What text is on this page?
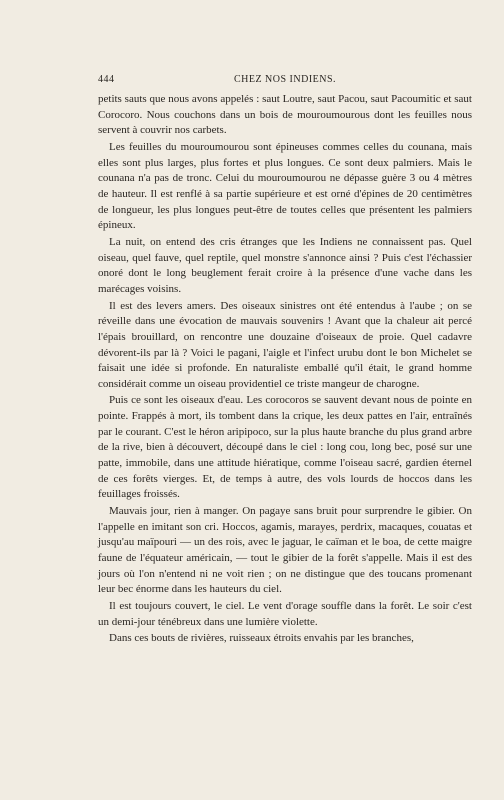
444	CHEZ NOS INDIENS.

petits sauts que nous avons appelés : saut Loutre, saut Pacou, saut Pacoumitic et saut Corocoro. Nous couchons dans un bois de mouroumourous dont les feuilles nous servent à couvrir nos carbets.

Les feuilles du mouroumourou sont épineuses commes celles du counana, mais elles sont plus larges, plus fortes et plus longues. Ce sont deux palmiers. Mais le counana n'a pas de tronc. Celui du mouroumourou ne dépasse guère 3 ou 4 mètres de hauteur. Il est renflé à sa partie supérieure et est orné d'épines de 20 centimètres de longueur, les plus longues peut-être de toutes celles que présentent les palmiers épineux.

La nuit, on entend des cris étranges que les Indiens ne connaissent pas. Quel oiseau, quel fauve, quel reptile, quel monstre s'annonce ainsi ? Puis c'est l'échassier onoré dont le long beuglement ferait croire à la présence d'une vache dans les marécages voisins.

Il est des levers amers. Des oiseaux sinistres ont été entendus à l'aube ; on se réveille dans une évocation de mauvais souvenirs ! Avant que la chaleur ait percé l'épais brouillard, on rencontre une douzaine d'oiseaux de proie. Quel cadavre dévorent-ils par là ? Voici le pagani, l'aigle et l'infect urubu dont le bon Michelet se faisait une idée si profonde. En naturaliste emballé qu'il était, le grand homme considérait comme un oiseau providentiel ce triste mangeur de charogne.

Puis ce sont les oiseaux d'eau. Les corocoros se sauvent devant nous de pointe en pointe. Frappés à mort, ils tombent dans la crique, les deux pattes en l'air, entraînés par le courant. C'est le héron aripipoco, sur la plus haute branche du plus grand arbre de la rive, bien à découvert, découpé dans le ciel : long cou, long bec, posé sur une patte, immobile, dans une attitude hiératique, comme l'oiseau sacré, gardien éternel de ces forêts vierges. Et, de temps à autre, des vols lourds de hoccos dans les feuillages froissés.

Mauvais jour, rien à manger. On pagaye sans bruit pour surprendre le gibier. On l'appelle en imitant son cri. Hoccos, agamis, marayes, perdrix, macaques, couatas et jusqu'au maïpouri — un des rois, avec le jaguar, le caïman et le boa, de cette maigre faune de l'équateur américain, — tout le gibier de la forêt s'appelle. Mais il est des jours où l'on n'entend ni ne voit rien ; on ne distingue que des toucans promenant leur bec énorme dans les hauteurs du ciel.

Il est toujours couvert, le ciel. Le vent d'orage souffle dans la forêt. Le soir c'est un demi-jour ténébreux dans une lumière violette.

Dans ces bouts de rivières, ruisseaux étroits envahis par les branches,
